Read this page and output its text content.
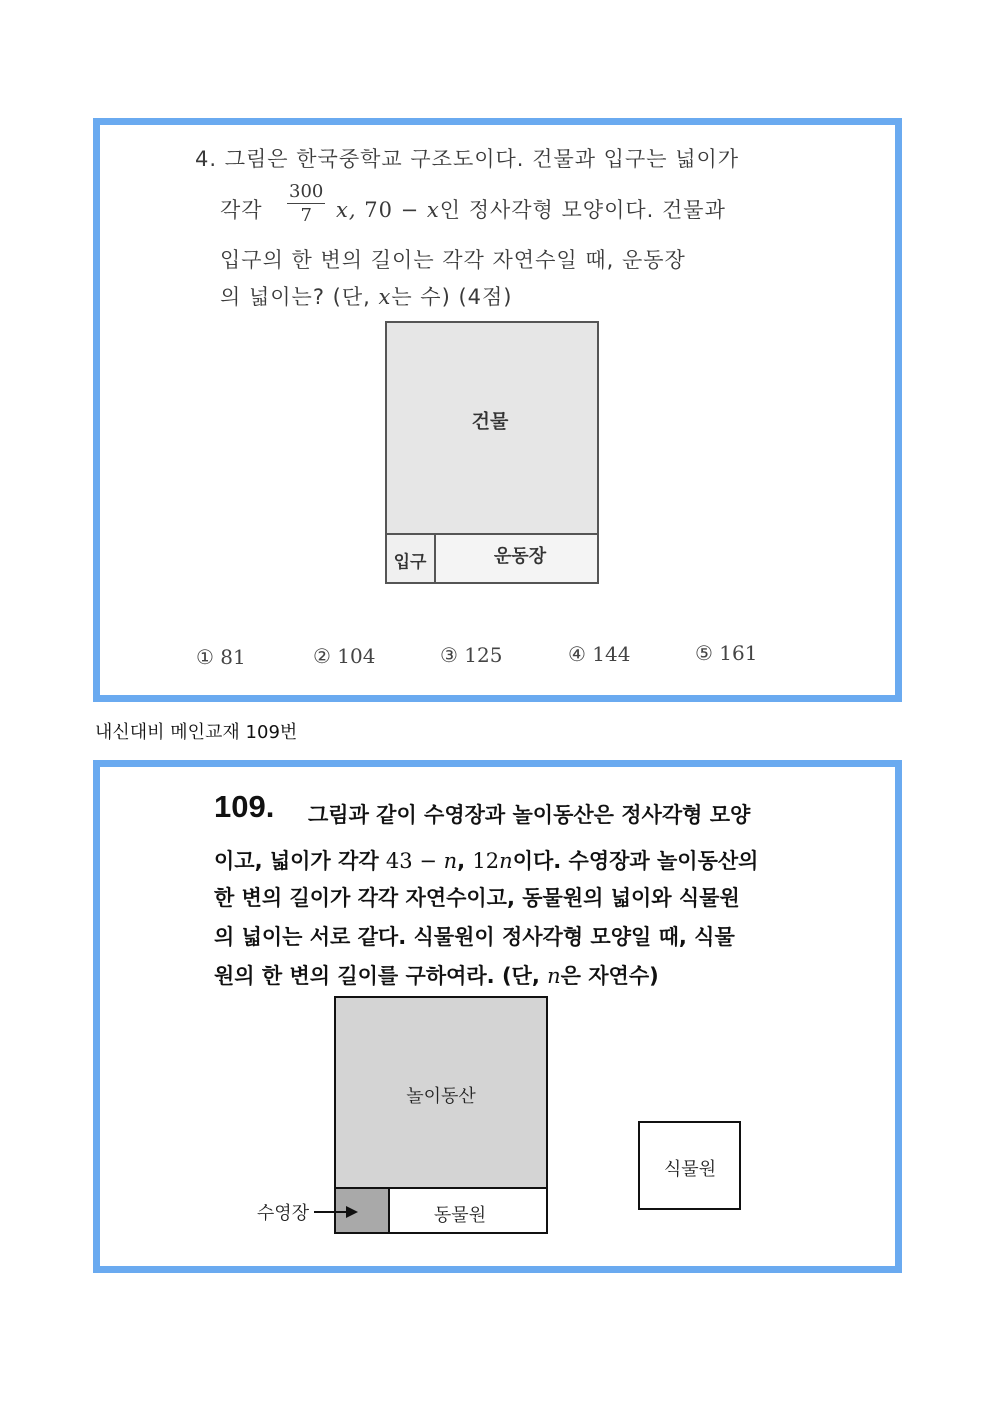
4. 그림은 한국중학교 구조도이다. 건물과 입구는 넓이가
각각 $\frac{300}{7} x$, 70 − x인 정사각형 모양이다. 건물과
입구의 한 변의 길이는 각각 자연수일 때, 운동장
의 넓이는? (단, x는 수) (4점)
건물
입구	운동장
① 81	② 104	③ 125	④ 144	⑤ 161
내신대비 메인교재 109번
109. 그림과 같이 수영장과 놀이동산은 정사각형 모양
이고, 넓이가 각각 43 − n, 12n이다. 수영장과 놀이동산의
한 변의 길이가 각각 자연수이고, 동물원의 넓이와 식물원
의 넓이는 서로 같다. 식물원이 정사각형 모양일 때, 식물
원의 한 변의 길이를 구하여라. (단, n은 자연수)
놀이동산
동물원
수영장
식물원
